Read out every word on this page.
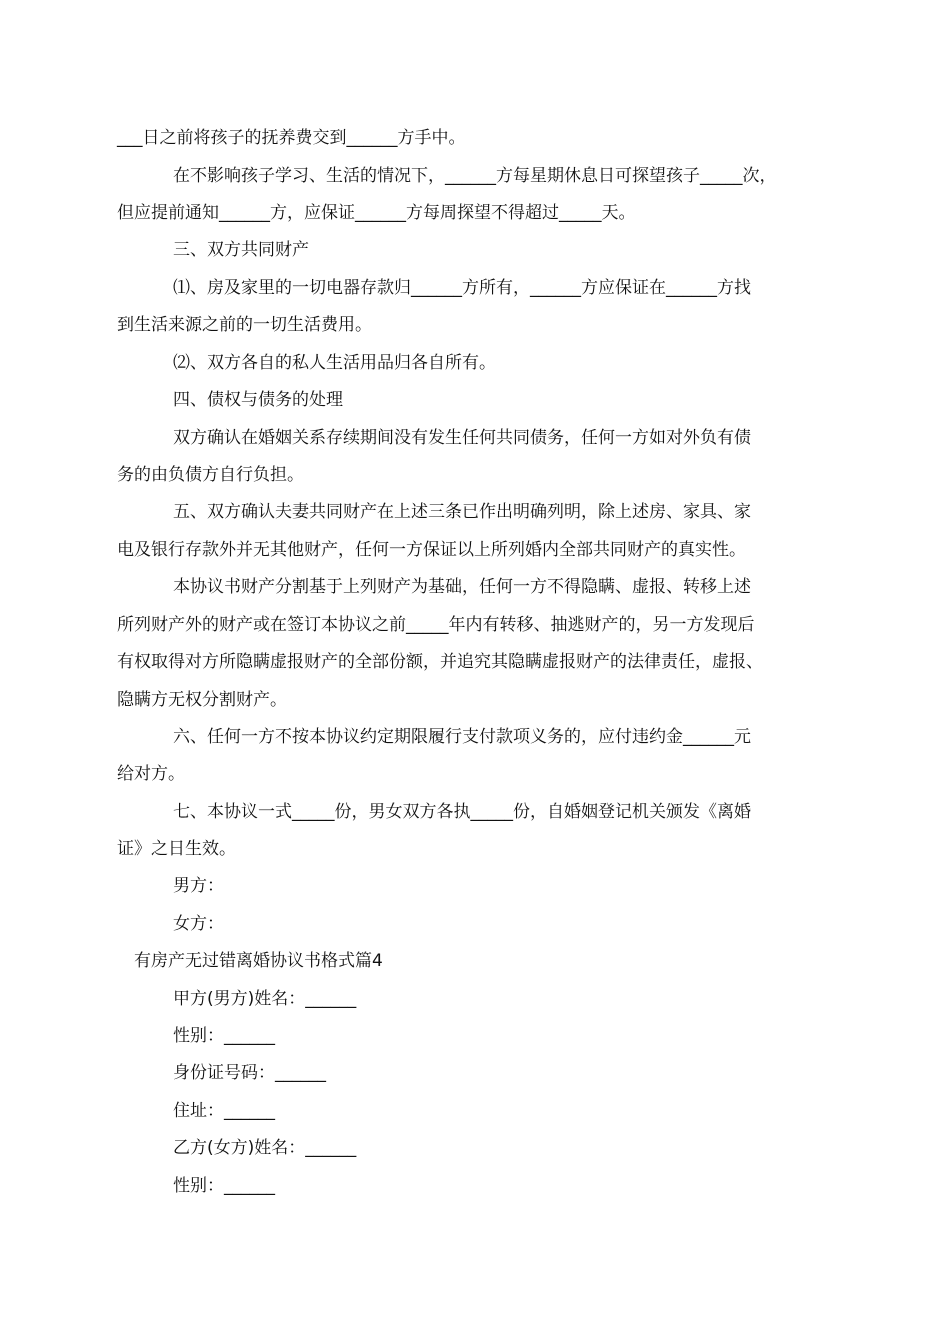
___日之前将孩子的抚养费交到______方手中。
在不影响孩子学习、生活的情况下，______方每星期休息日可探望孩子_____次，
但应提前通知______方，应保证______方每周探望不得超过_____天。
三、双方共同财产
⑴、房及家里的一切电器存款归______方所有，______方应保证在______方找
到生活来源之前的一切生活费用。
⑵、双方各自的私人生活用品归各自所有。
四、债权与债务的处理
双方确认在婚姻关系存续期间没有发生任何共同债务，任何一方如对外负有债
务的由负债方自行负担。
五、双方确认夫妻共同财产在上述三条已作出明确列明，除上述房、家具、家
电及银行存款外并无其他财产，任何一方保证以上所列婚内全部共同财产的真实性。
本协议书财产分割基于上列财产为基础，任何一方不得隐瞒、虚报、转移上述
所列财产外的财产或在签订本协议之前_____年内有转移、抽逃财产的，另一方发现后
有权取得对方所隐瞒虚报财产的全部份额，并追究其隐瞒虚报财产的法律责任，虚报、
隐瞒方无权分割财产。
六、任何一方不按本协议约定期限履行支付款项义务的，应付违约金______元
给对方。
七、本协议一式_____份，男女双方各执_____份，自婚姻登记机关颁发《离婚
证》之日生效。
男方：
女方：
有房产无过错离婚协议书格式篇4
甲方(男方)姓名：______
性别：______
身份证号码：______
住址：______
乙方(女方)姓名：______
性别：______
